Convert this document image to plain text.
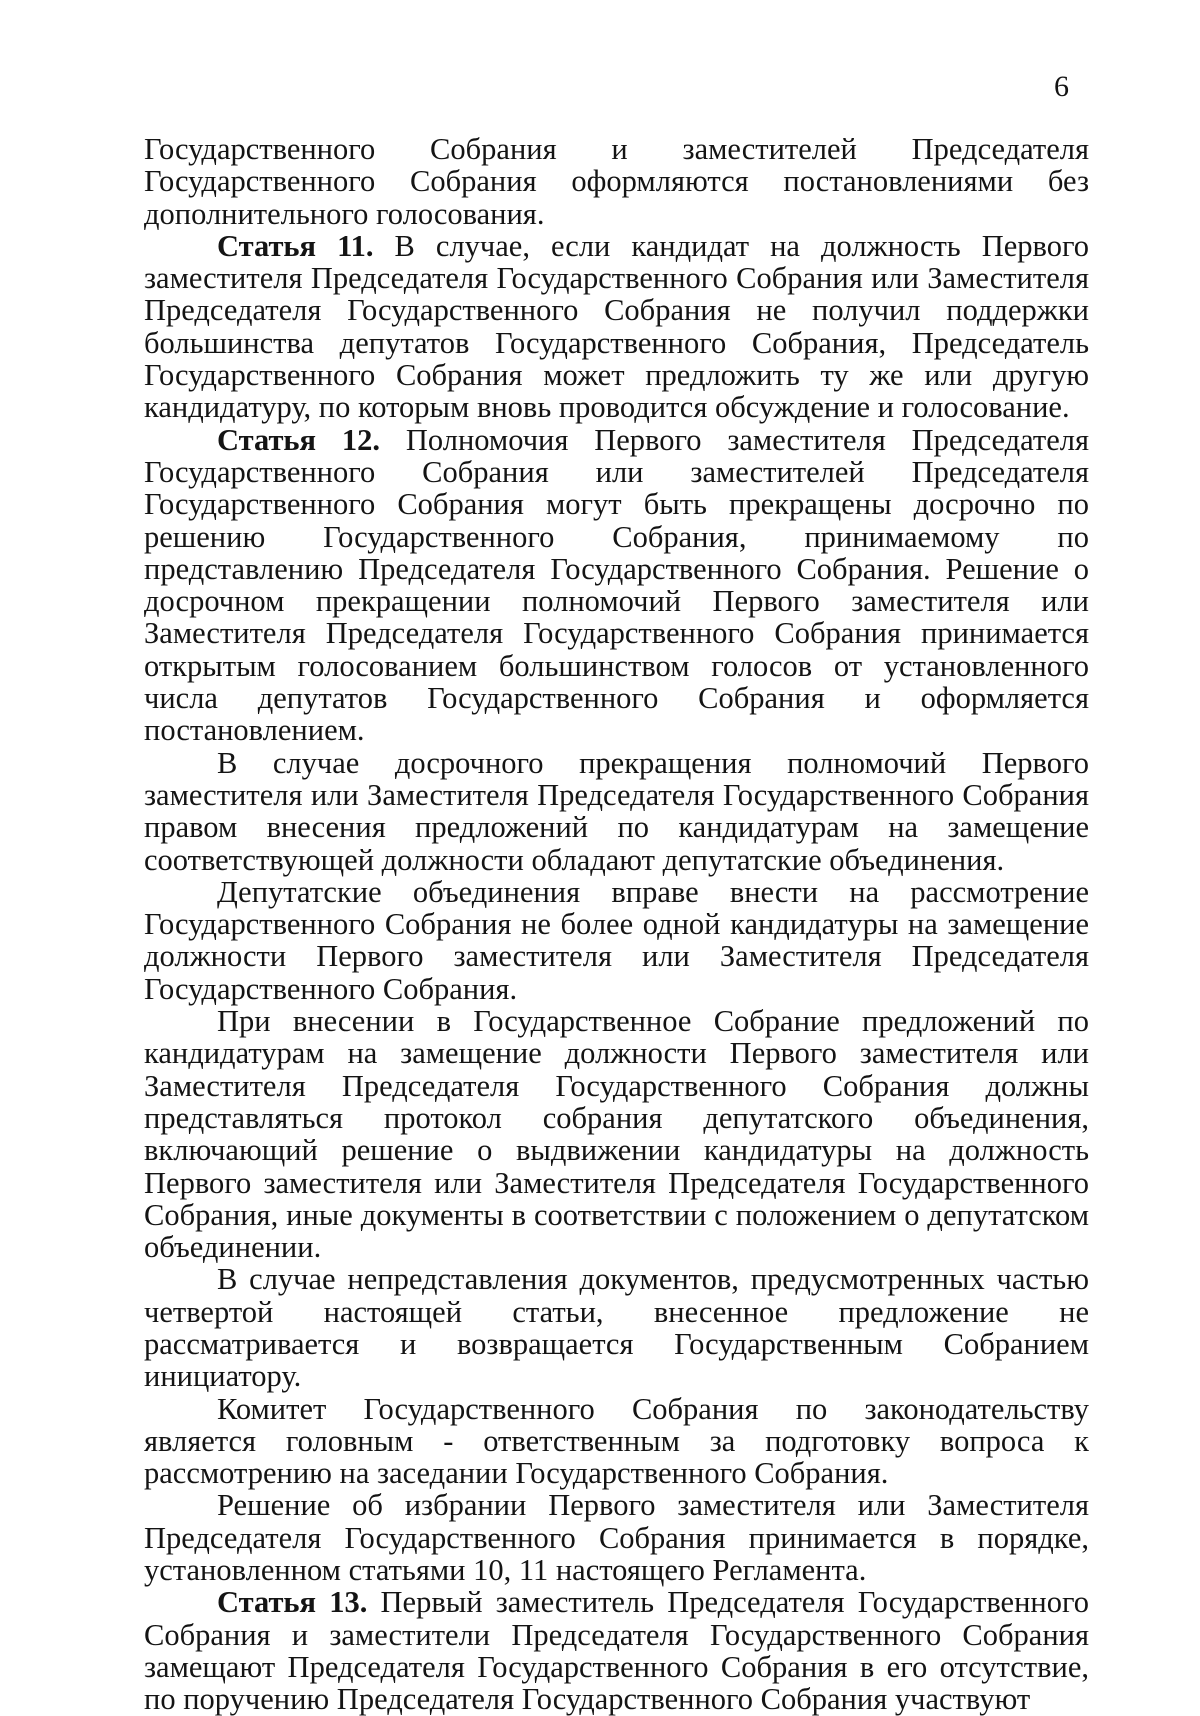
6

Государственного Собрания и заместителей Председателя Государственного Собрания оформляются постановлениями без дополнительного голосования.

Статья 11. В случае, если кандидат на должность Первого заместителя Председателя Государственного Собрания или Заместителя Председателя Государственного Собрания не получил поддержки большинства депутатов Государственного Собрания, Председатель Государственного Собрания может предложить ту же или другую кандидатуру, по которым вновь проводится обсуждение и голосование.

Статья 12. Полномочия Первого заместителя Председателя Государственного Собрания или заместителей Председателя Государственного Собрания могут быть прекращены досрочно по решению Государственного Собрания, принимаемому по представлению Председателя Государственного Собрания. Решение о досрочном прекращении полномочий Первого заместителя или Заместителя Председателя Государственного Собрания принимается открытым голосованием большинством голосов от установленного числа депутатов Государственного Собрания и оформляется постановлением.

В случае досрочного прекращения полномочий Первого заместителя или Заместителя Председателя Государственного Собрания правом внесения предложений по кандидатурам на замещение соответствующей должности обладают депутатские объединения.

Депутатские объединения вправе внести на рассмотрение Государственного Собрания не более одной кандидатуры на замещение должности Первого заместителя или Заместителя Председателя Государственного Собрания.

При внесении в Государственное Собрание предложений по кандидатурам на замещение должности Первого заместителя или Заместителя Председателя Государственного Собрания должны представляться протокол собрания депутатского объединения, включающий решение о выдвижении кандидатуры на должность Первого заместителя или Заместителя Председателя Государственного Собрания, иные документы в соответствии с положением о депутатском объединении.

В случае непредставления документов, предусмотренных частью четвертой настоящей статьи, внесенное предложение не рассматривается и возвращается Государственным Собранием инициатору.

Комитет Государственного Собрания по законодательству является головным - ответственным за подготовку вопроса к рассмотрению на заседании Государственного Собрания.

Решение об избрании Первого заместителя или Заместителя Председателя Государственного Собрания принимается в порядке, установленном статьями 10, 11 настоящего Регламента.

Статья 13. Первый заместитель Председателя Государственного Собрания и заместители Председателя Государственного Собрания замещают Председателя Государственного Собрания в его отсутствие, по поручению Председателя Государственного Собрания участвуют
